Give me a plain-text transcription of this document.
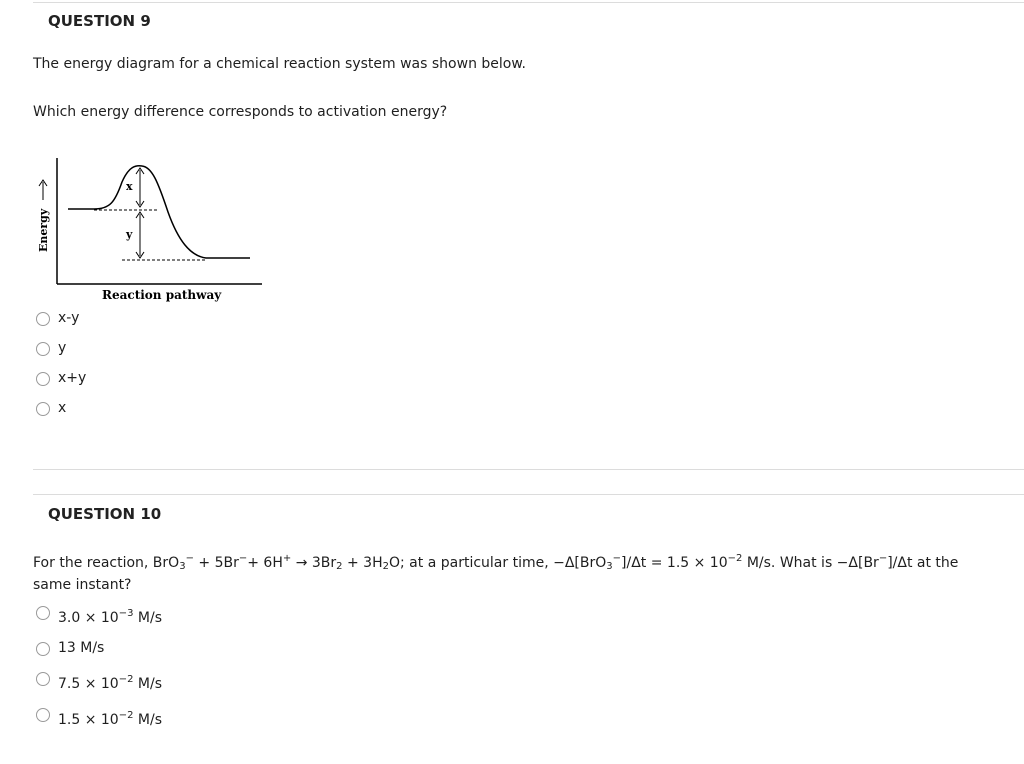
QUESTION 9
The energy diagram for a chemical reaction system was shown below.
Which energy difference corresponds to activation energy?
Energy
x
y
Reaction pathway
x-y
y
x+y
x
QUESTION 10
For the reaction, $BrO_3^- + 5Br^-+ 6H^+ \to 3Br_2 + 3H_2O$; at a particular time, $-\Delta[BrO_3^-]/\Delta t = 1.5 \times 10^{-2}$ M/s. What is −Δ[Br−]/Δt at the
same instant?
$3.0 \times 10^{-3}$ M/s
13 M/s
$7.5 \times 10^{-2}$ M/s
$1.5 \times 10^{-2}$ M/s
